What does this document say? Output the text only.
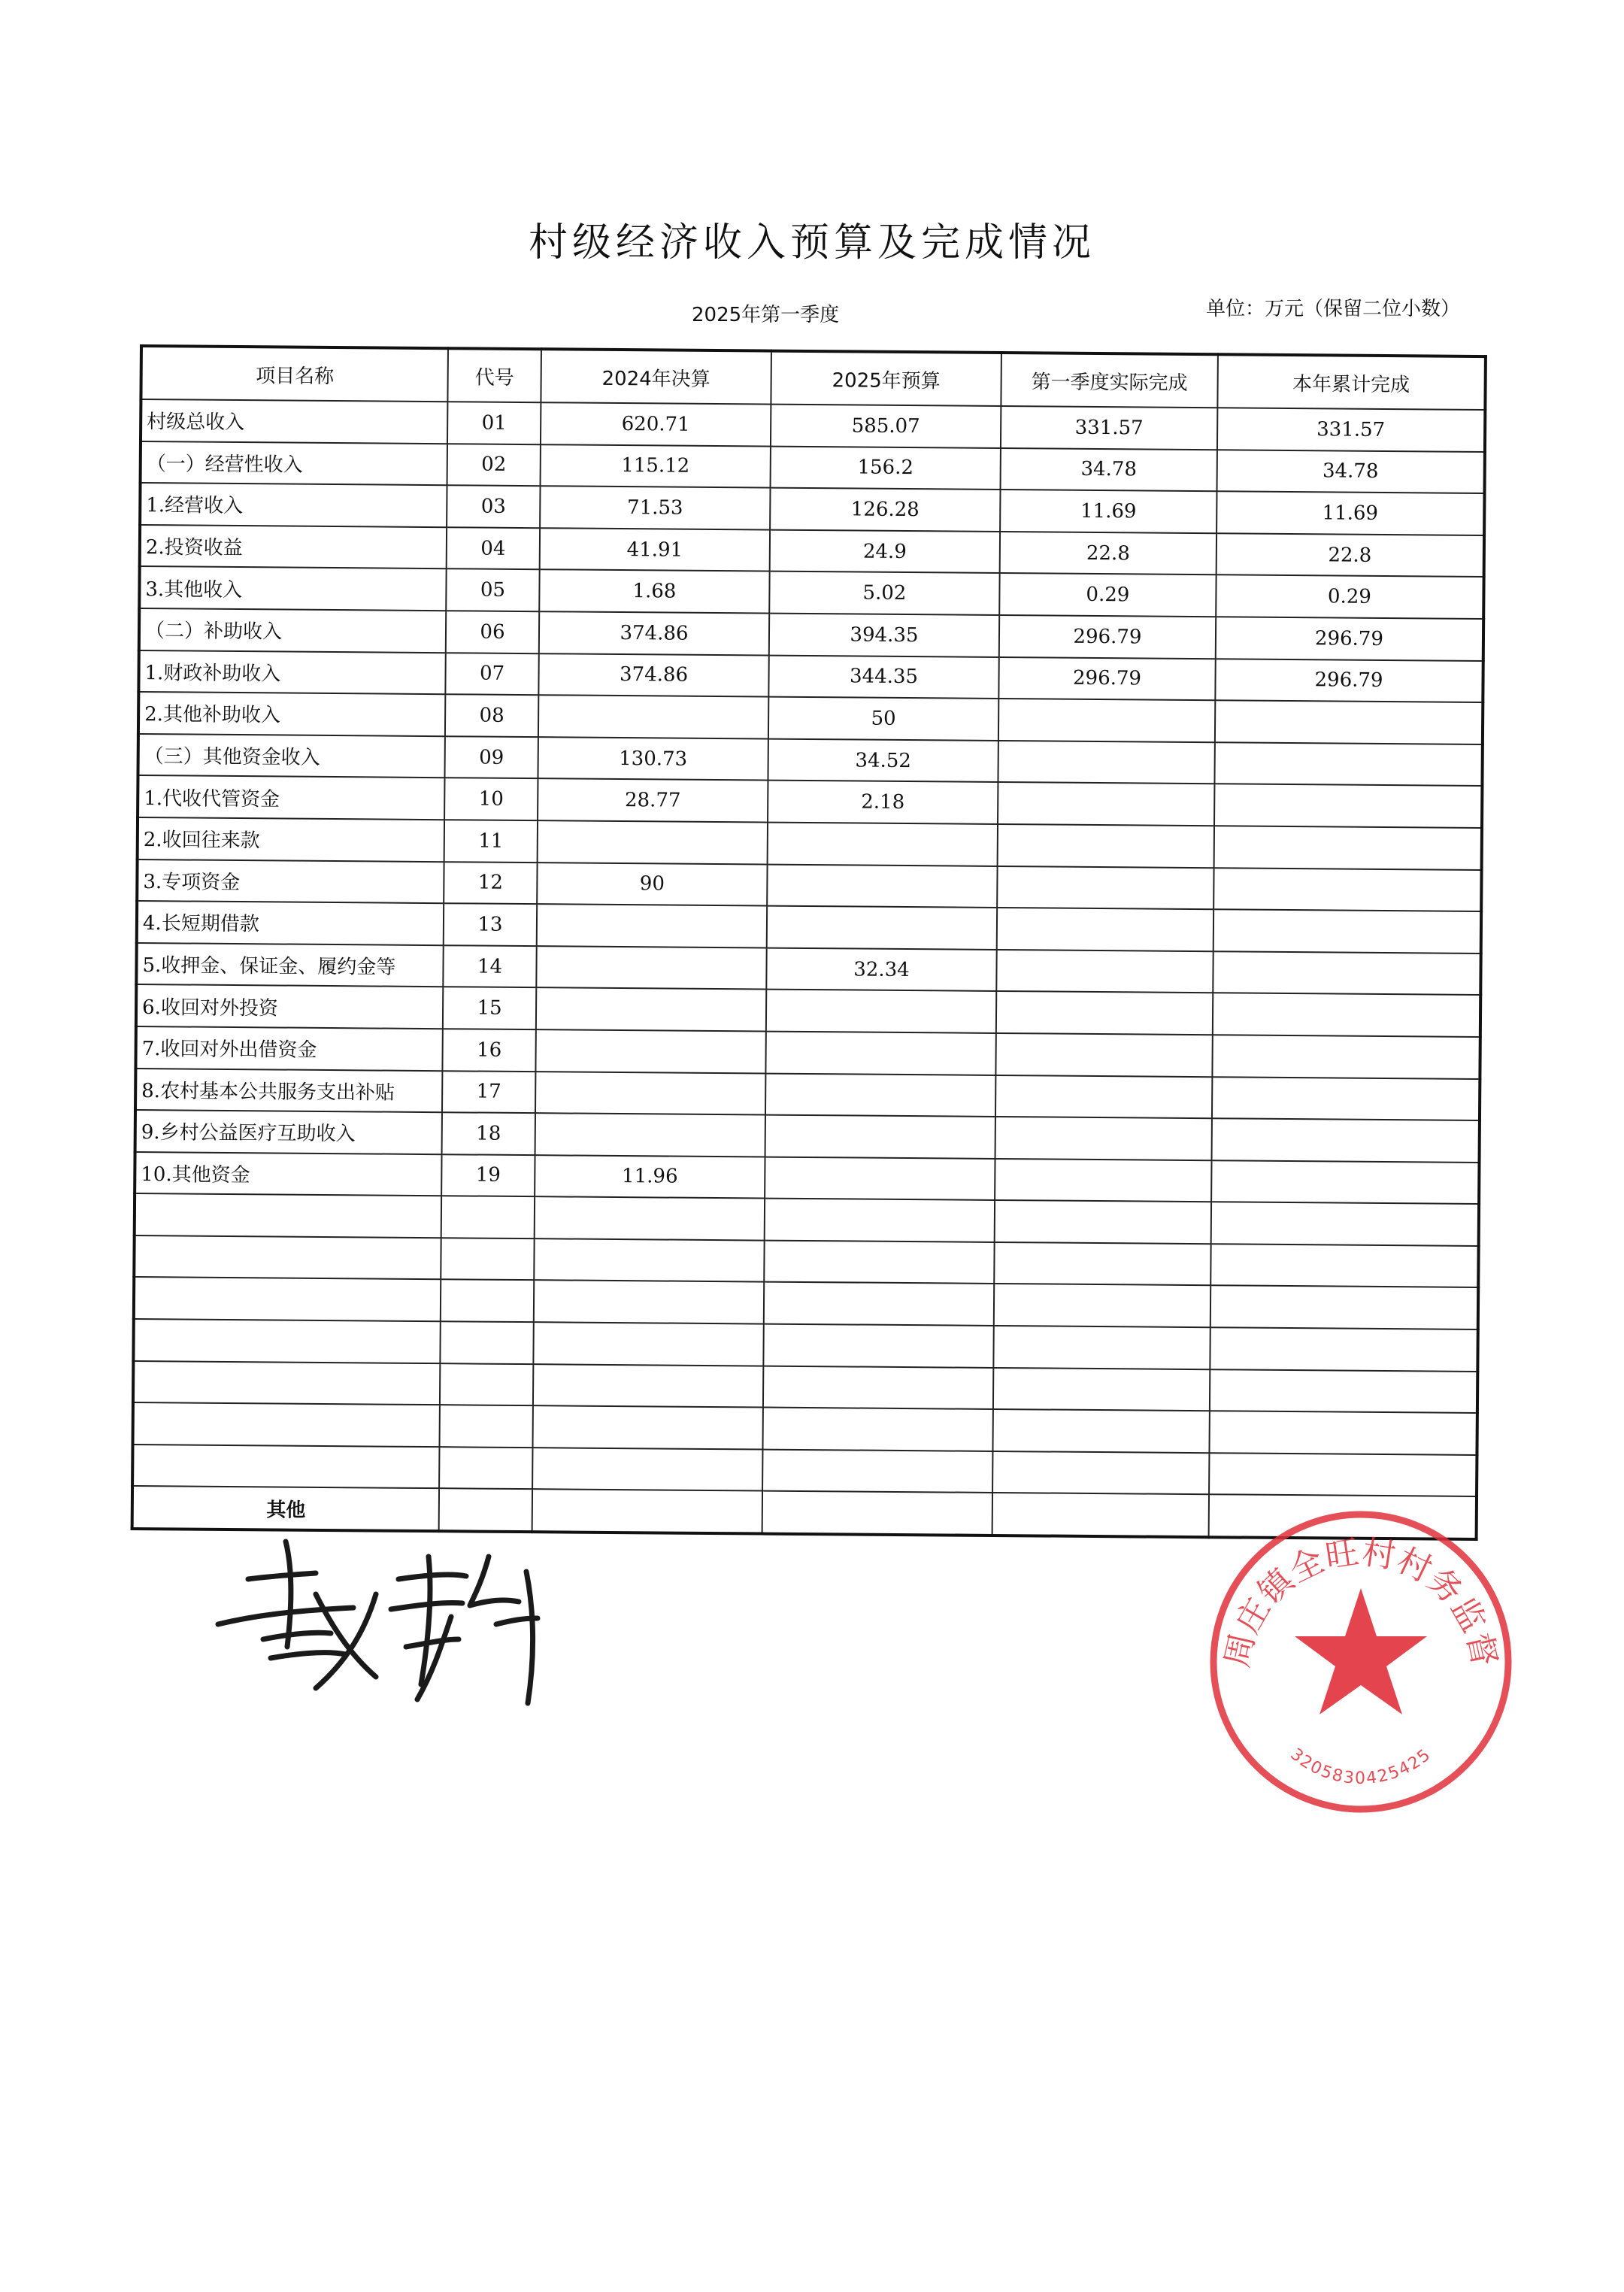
村级经济收入预算及完成情况
2025年第一季度	单位：万元（保留二位小数）
项目名称	代号	2024年决算	2025年预算	第一季度实际完成	本年累计完成
村级总收入	01	620.71	585.07	331.57	331.57
（一）经营性收入	02	115.12	156.2	34.78	34.78
1.经营收入	03	71.53	126.28	11.69	11.69
2.投资收益	04	41.91	24.9	22.8	22.8
3.其他收入	05	1.68	5.02	0.29	0.29
（二）补助收入	06	374.86	394.35	296.79	296.79
1.财政补助收入	07	374.86	344.35	296.79	296.79
2.其他补助收入	08		50		
（三）其他资金收入	09	130.73	34.52		
1.代收代管资金	10	28.77	2.18		
2.收回往来款	11				
3.专项资金	12	90			
4.长短期借款	13				
5.收押金、保证金、履约金等	14		32.34		
6.收回对外投资	15				
7.收回对外出借资金	16				
8.农村基本公共服务支出补贴	17				
9.乡村公益医疗互助收入	18				
10.其他资金	19	11.96			

其他					
周庄镇全旺村村务监督
3205830425425
